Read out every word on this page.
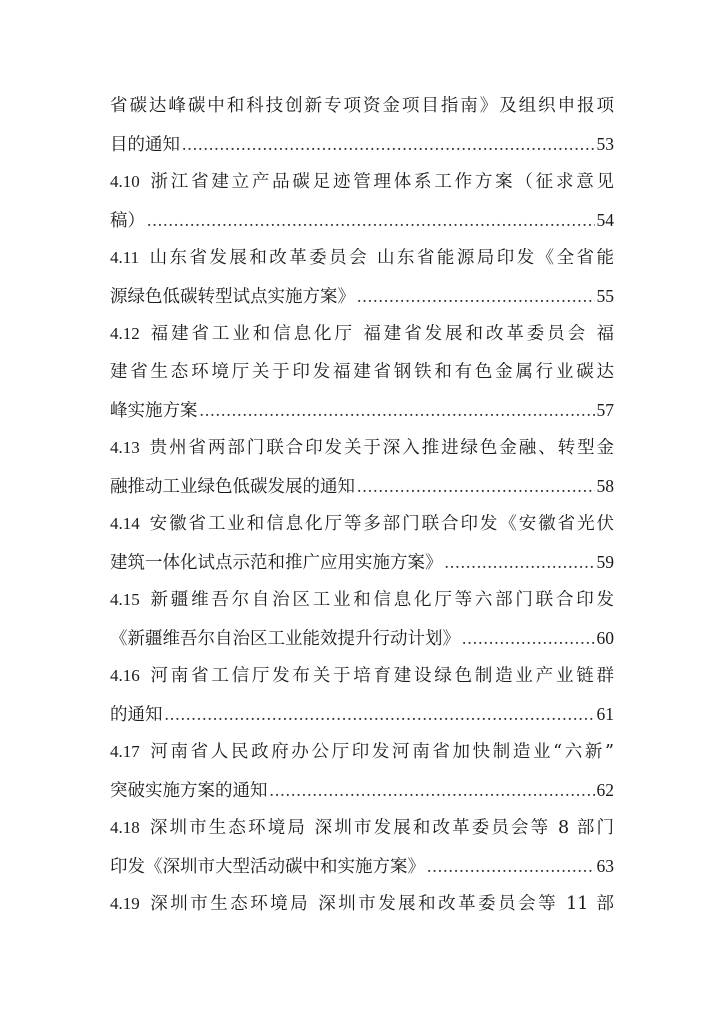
省碳达峰碳中和科技创新专项资金项目指南》及组织申报项
目的通知 .....	53
4.10 浙江省建立产品碳足迹管理体系工作方案（征求意见
稿） .....	54
4.11 山东省发展和改革委员会 山东省能源局印发《全省能
源绿色低碳转型试点实施方案》 .....	55
4.12 福建省工业和信息化厅 福建省发展和改革委员会 福
建省生态环境厅关于印发福建省钢铁和有色金属行业碳达
峰实施方案 .....	57
4.13 贵州省两部门联合印发关于深入推进绿色金融、转型金
融推动工业绿色低碳发展的通知 .....	58
4.14 安徽省工业和信息化厅等多部门联合印发《安徽省光伏
建筑一体化试点示范和推广应用实施方案》 .....	59
4.15 新疆维吾尔自治区工业和信息化厅等六部门联合印发
《新疆维吾尔自治区工业能效提升行动计划》 .....	60
4.16 河南省工信厅发布关于培育建设绿色制造业产业链群
的通知 .....	61
4.17 河南省人民政府办公厅印发河南省加快制造业“六新”
突破实施方案的通知 .....	62
4.18 深圳市生态环境局 深圳市发展和改革委员会等 8 部门
印发《深圳市大型活动碳中和实施方案》 .....	63
4.19 深圳市生态环境局 深圳市发展和改革委员会等 11 部
